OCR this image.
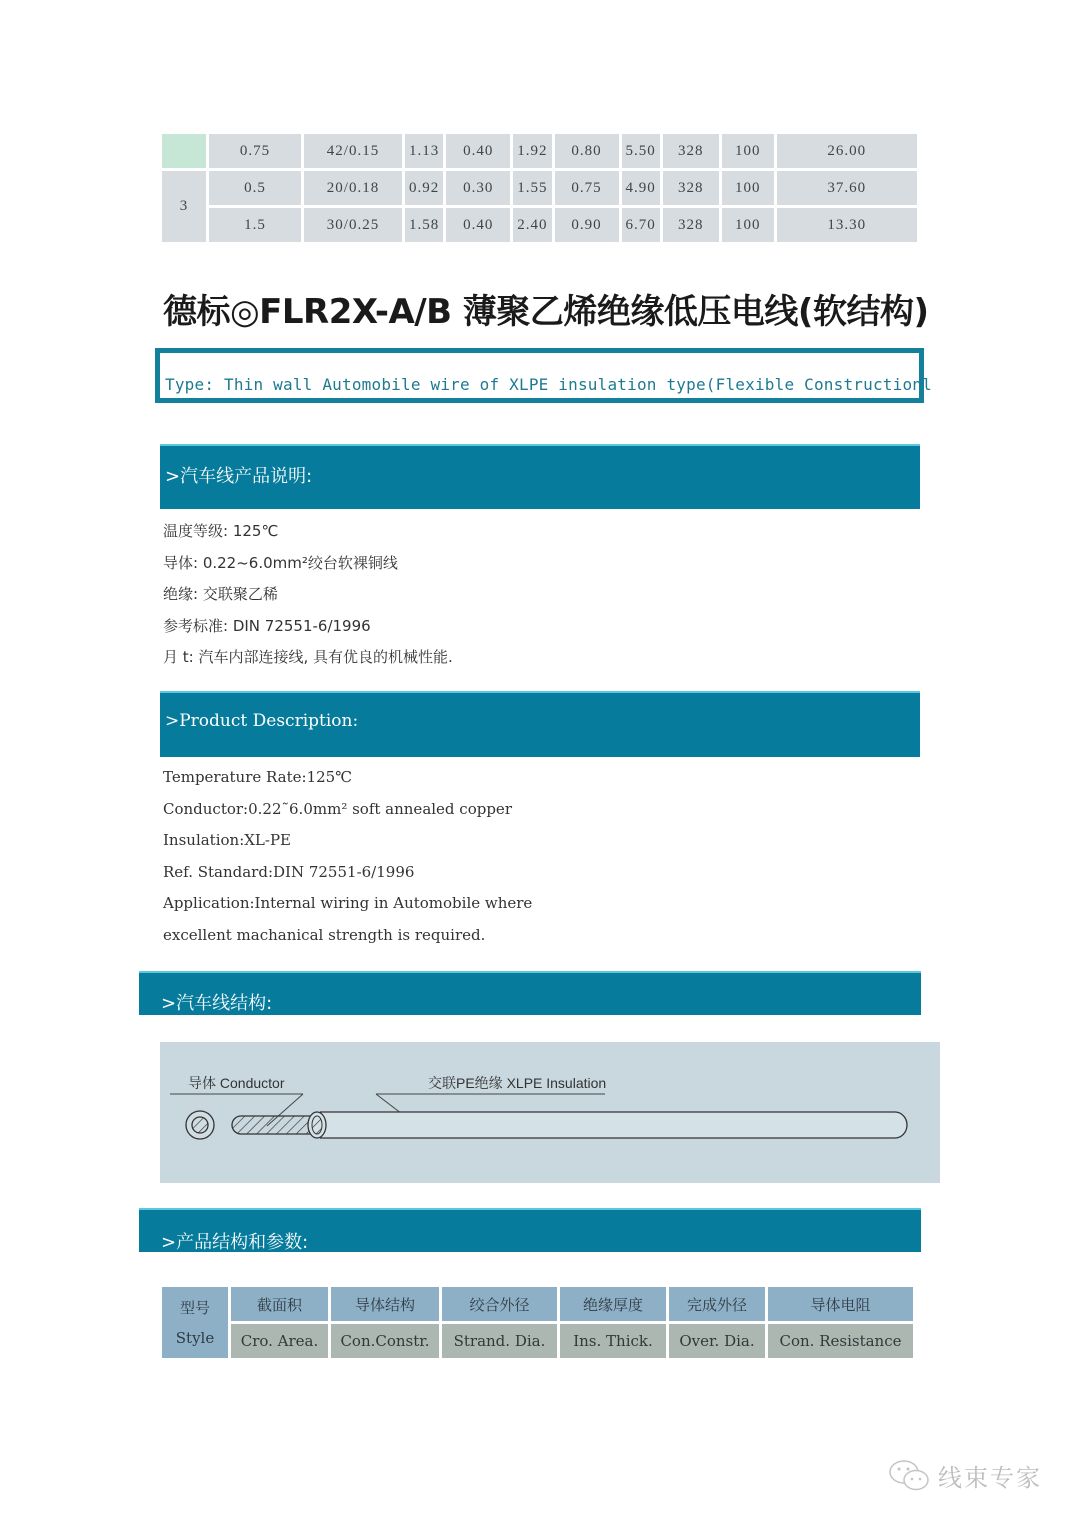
	0.75	42/0.15	1.13	0.40	1.92	0.80	5.50	328	100	26.00
3	0.5	20/0.18	0.92	0.30	1.55	0.75	4.90	328	100	37.60
	1.5	30/0.25	1.58	0.40	2.40	0.90	6.70	328	100	13.30
德标◎FLR2X-A/B 薄聚乙烯绝缘低压电线(软结构)
Type: Thin wall Automobile wire of XLPE insulation type(Flexible Constructionl
>汽车线产品说明:
温度等级: 125℃
导体: 0.22~6.0mm²绞台软裸铜线
绝缘: 交联聚乙稀
参考标准: DIN 72551-6/1996
月 t: 汽车内部连接线, 具有优良的机械性能.
>Product Description:
Temperature Rate:125℃
Conductor:0.22˜6.0mm² soft annealed copper
Insulation:XL-PE
Ref. Standard:DIN 72551-6/1996
Application:Internal wiring in Automobile where
excellent machanical strength is required.
>汽车线结构:
导体 Conductor	交联PE绝缘 XLPE Insulation
>产品结构和参数:
型号
Style	截面积	导体结构	绞合外径	绝缘厚度	完成外径	导体电阻
	Cro. Area.	Con.Constr.	Strand. Dia.	Ins. Thick.	Over. Dia.	Con. Resistance
线束专家
